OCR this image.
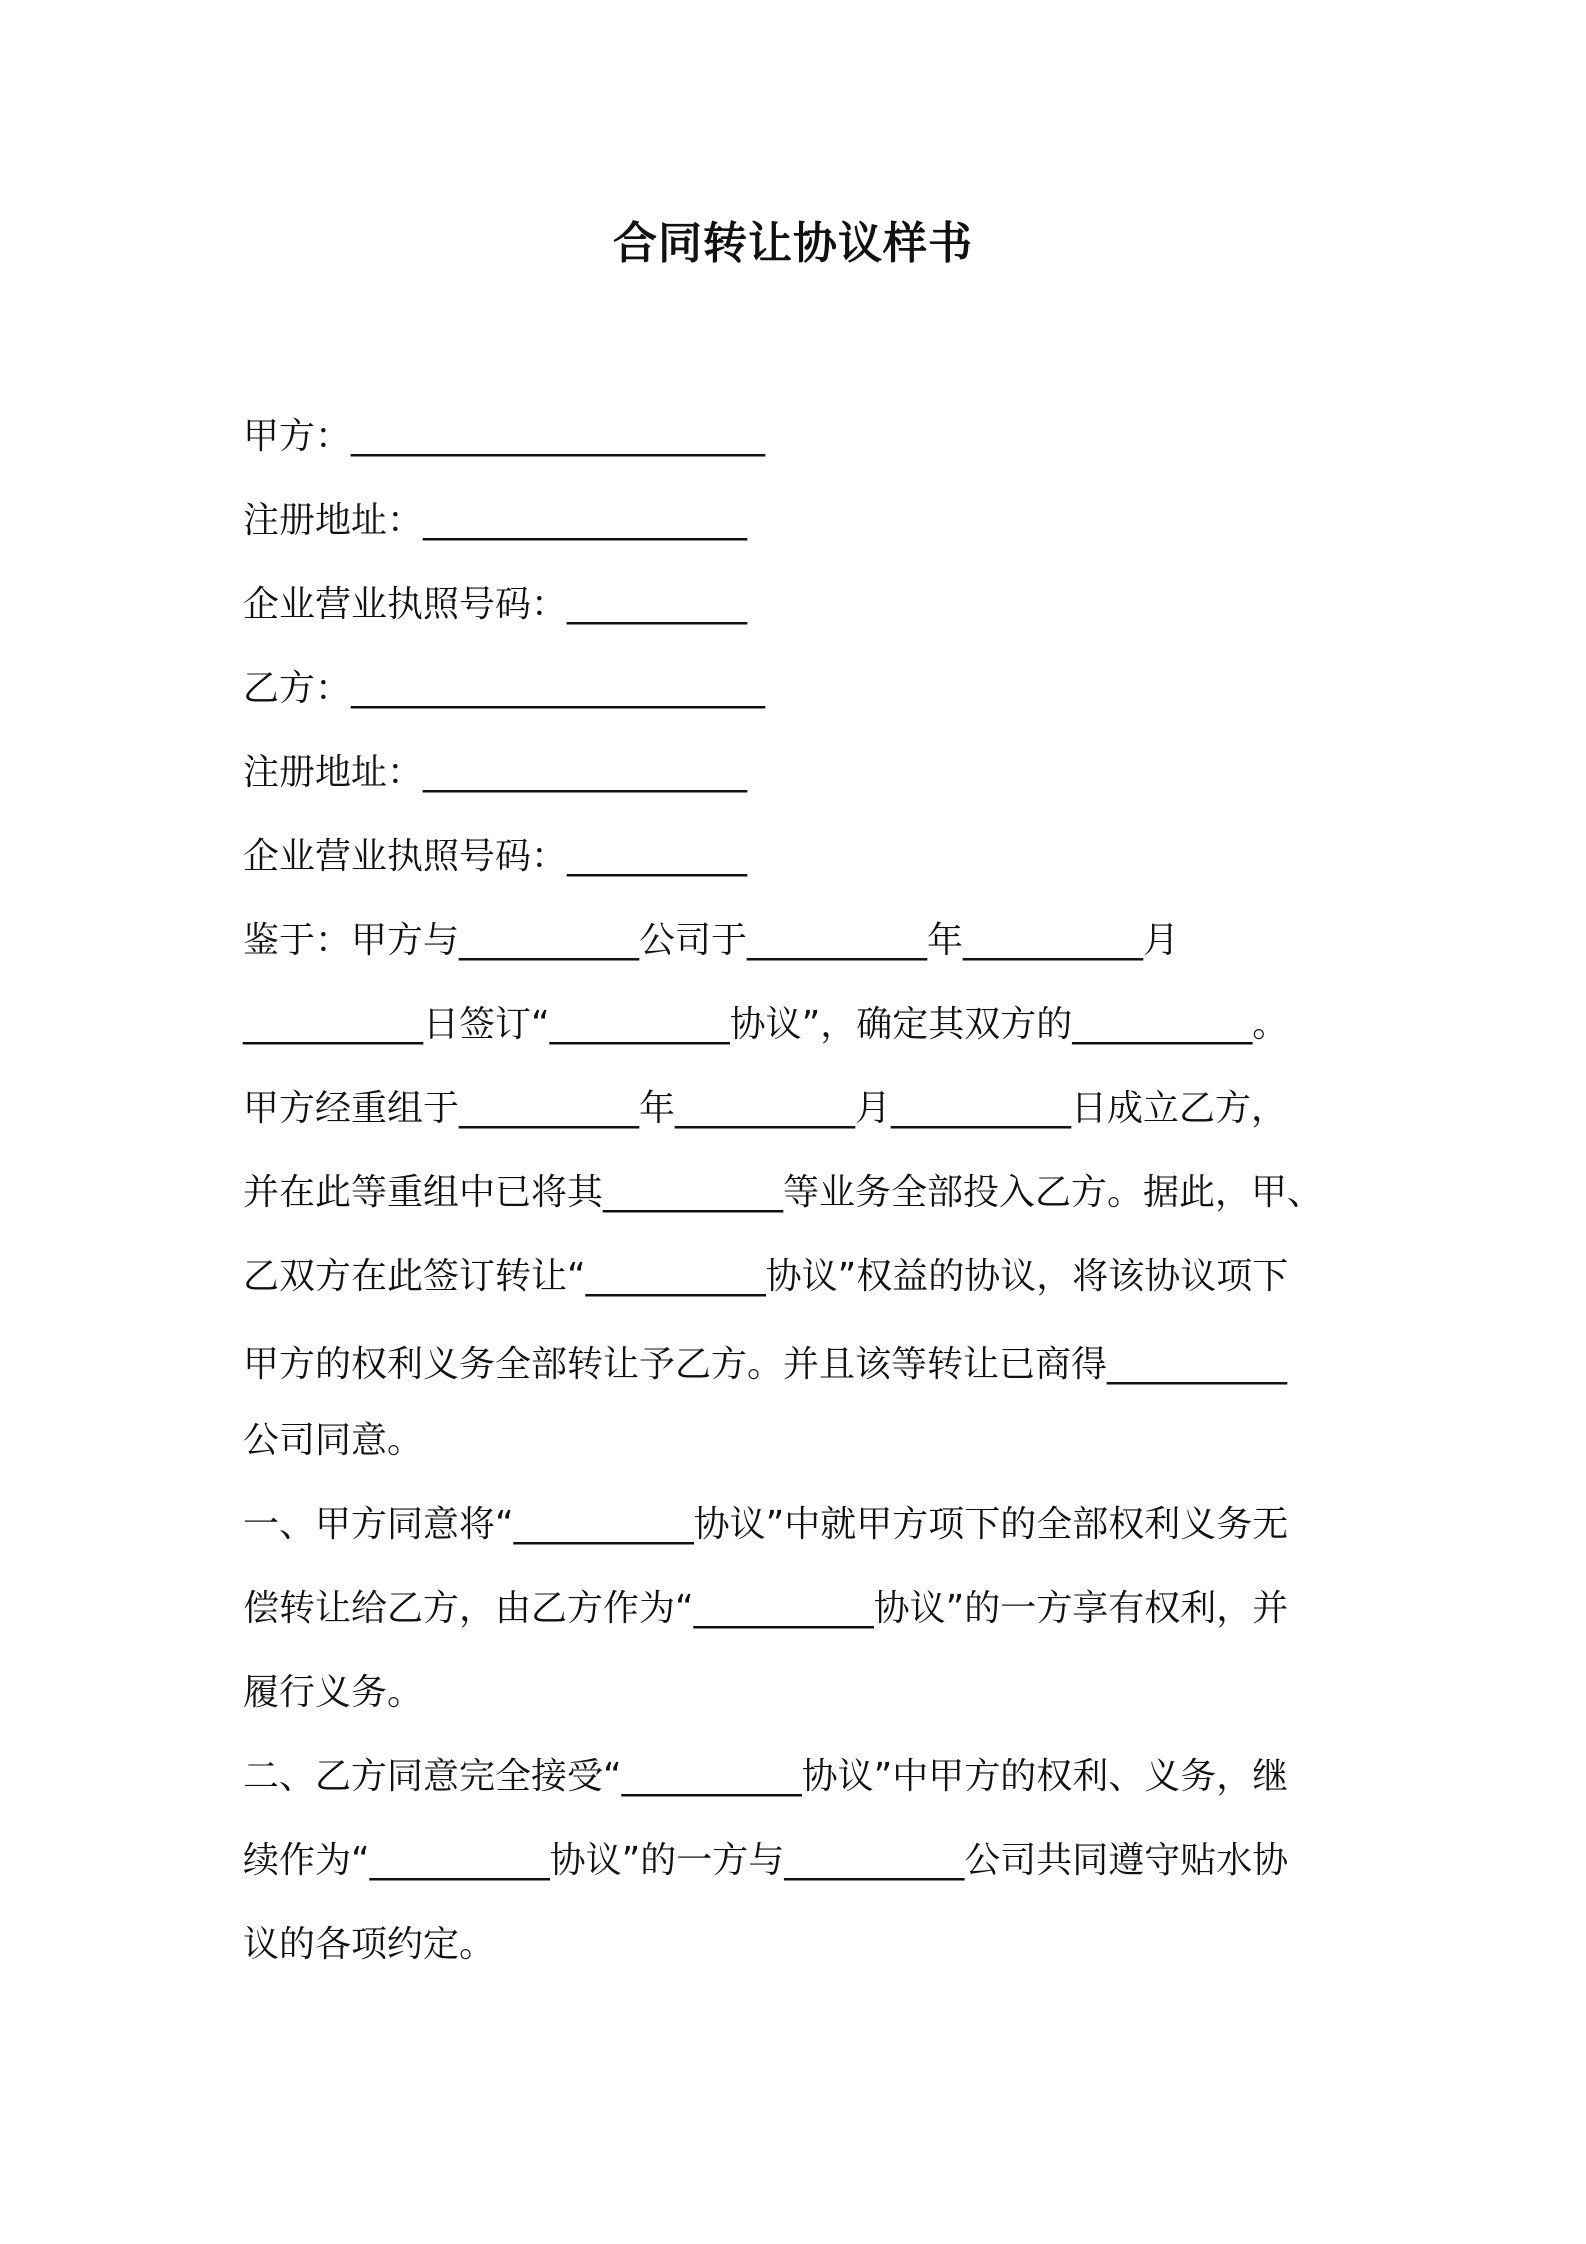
合同转让协议样书

甲方：_______________________

注册地址：__________________

企业营业执照号码：__________

乙方：_______________________

注册地址：__________________

企业营业执照号码：__________

鉴于：甲方与__________公司于__________年__________月

__________日签订“__________协议”，确定其双方的__________。

甲方经重组于__________年__________月__________日成立乙方，

并在此等重组中已将其__________等业务全部投入乙方。据此，甲、

乙双方在此签订转让“__________协议”权益的协议，将该协议项下

甲方的权利义务全部转让予乙方。并且该等转让已商得__________

公司同意。

一、甲方同意将“__________协议”中就甲方项下的全部权利义务无

偿转让给乙方，由乙方作为“__________协议”的一方享有权利，并

履行义务。

二、乙方同意完全接受“__________协议”中甲方的权利、义务，继

续作为“__________协议”的一方与__________公司共同遵守贴水协

议的各项约定。
